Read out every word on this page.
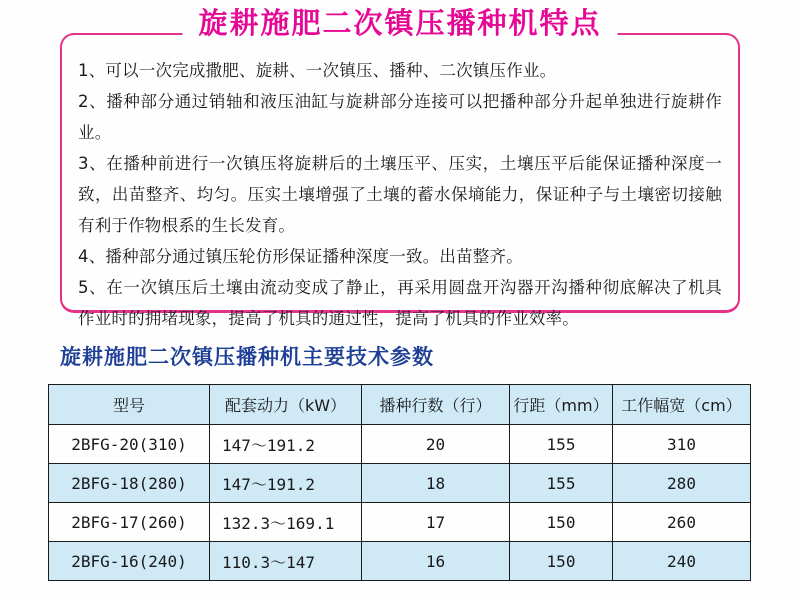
旋耕施肥二次镇压播种机特点

1、可以一次完成撒肥、旋耕、一次镇压、播种、二次镇压作业。

2、播种部分通过销轴和液压油缸与旋耕部分连接可以把播种部分升起单独进行旋耕作业。

3、在播种前进行一次镇压将旋耕后的土壤压平、压实，土壤压平后能保证播种深度一致，出苗整齐、均匀。压实土壤增强了土壤的蓄水保墒能力，保证种子与土壤密切接触有利于作物根系的生长发育。

4、播种部分通过镇压轮仿形保证播种深度一致。出苗整齐。

5、在一次镇压后土壤由流动变成了静止，再采用圆盘开沟器开沟播种彻底解决了机具作业时的拥堵现象，提高了机具的通过性，提高了机具的作业效率。

旋耕施肥二次镇压播种机主要技术参数
型号	配套动力（kW）	播种行数（行）	行距（mm）	工作幅宽（cm）
2BFG-20(310)	147～191.2	20	155	310
2BFG-18(280)	147～191.2	18	155	280
2BFG-17(260)	132.3～169.1	17	150	260
2BFG-16(240)	110.3～147	16	150	240
